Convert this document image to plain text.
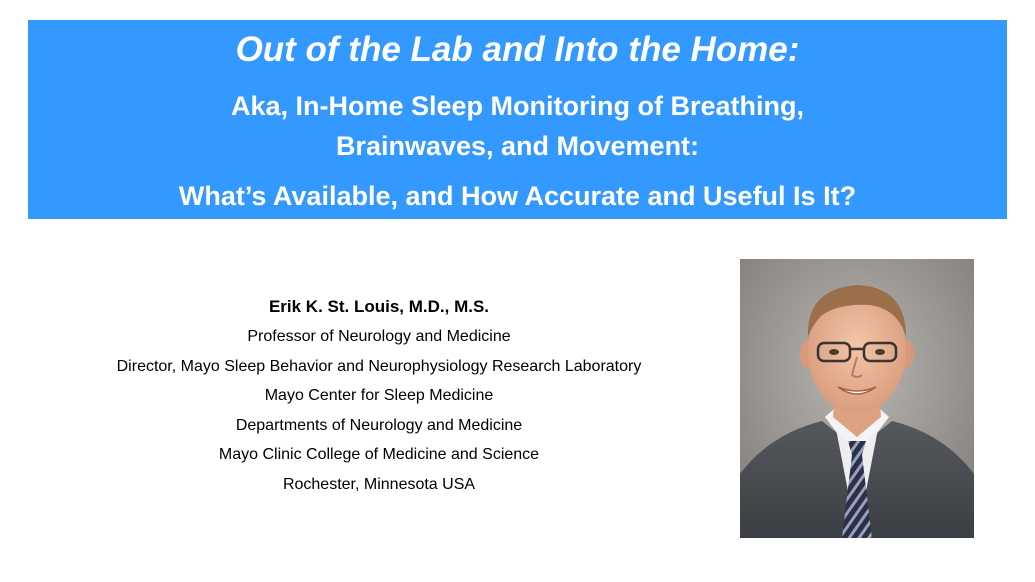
Out of the Lab and Into the Home:
Aka, In-Home Sleep Monitoring of Breathing,
Brainwaves, and Movement:
What’s Available, and How Accurate and Useful Is It?
Erik K. St. Louis, M.D., M.S.
Professor of Neurology and Medicine
Director, Mayo Sleep Behavior and Neurophysiology Research Laboratory
Mayo Center for Sleep Medicine
Departments of Neurology and Medicine
Mayo Clinic College of Medicine and Science
Rochester, Minnesota USA
